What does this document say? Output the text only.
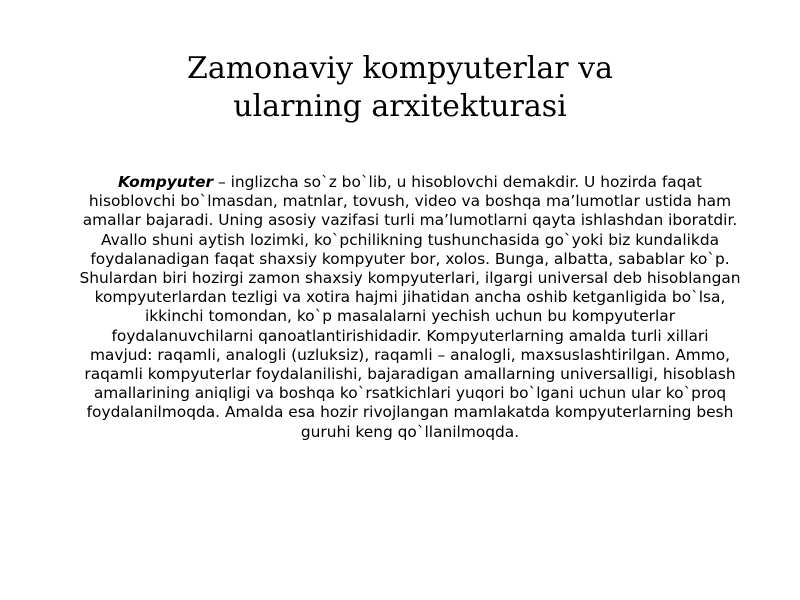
Zamonaviy kompyuterlar va ularning arxitekturasi

Kompyuter – inglizcha so`z bo`lib, u hisoblovchi demakdir. U hozirda faqat hisoblovchi bo`lmasdan, matnlar, tovush, video va boshqa ma’lumotlar ustida ham amallar bajaradi. Uning asosiy vazifasi turli ma’lumotlarni qayta ishlashdan iboratdir. Avallo shuni aytish lozimki, ko`pchilikning tushunchasida go`yoki biz kundalikda foydalanadigan faqat shaxsiy kompyuter bor, xolos. Bunga, albatta, sabablar ko`p. Shulardan biri hozirgi zamon shaxsiy kompyuterlari, ilgargi universal deb hisoblangan kompyuterlardan tezligi va xotira hajmi jihatidan ancha oshib ketganligida bo`lsa, ikkinchi tomondan, ko`p masalalarni yechish uchun bu kompyuterlar foydalanuvchilarni qanoatlantirishidadir. Kompyuterlarning amalda turli xillari mavjud: raqamli, analogli (uzluksiz), raqamli – analogli, maxsuslashtirilgan. Ammo, raqamli kompyuterlar foydalanilishi, bajaradigan amallarning universalligi, hisoblash amallarining aniqligi va boshqa ko`rsatkichlari yuqori bo`lgani uchun ular ko`proq foydalanilmoqda. Amalda esa hozir rivojlangan mamlakatda kompyuterlarning besh guruhi keng qo`llanilmoqda.
